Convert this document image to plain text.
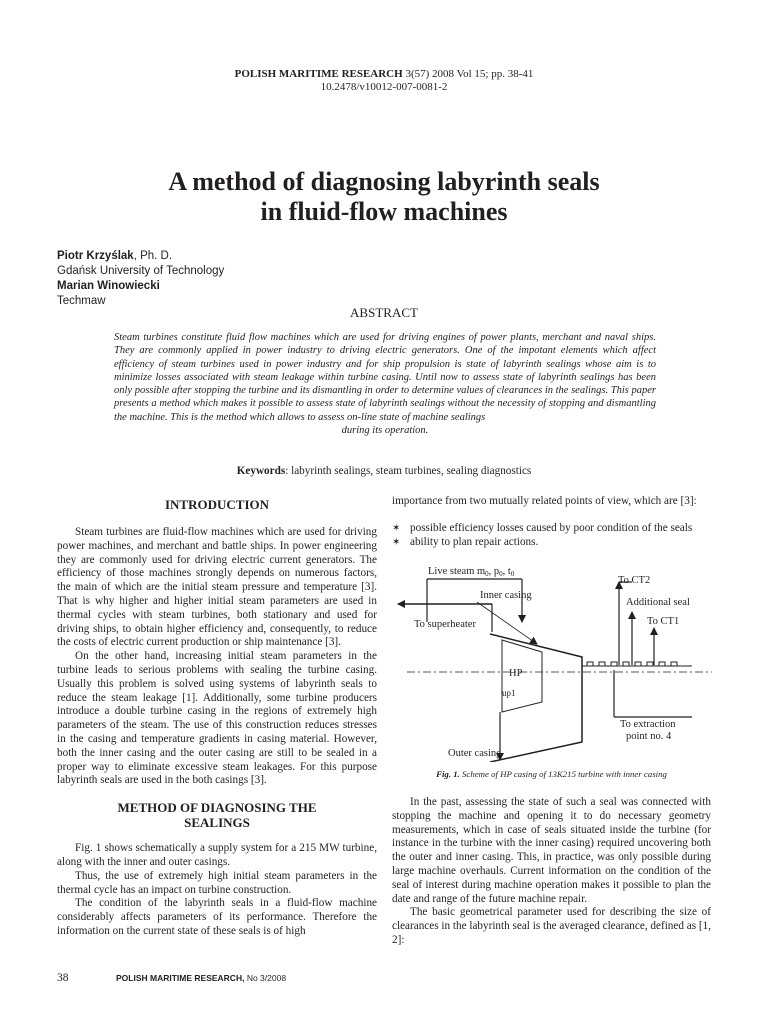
POLISH MARITIME RESEARCH 3(57) 2008 Vol 15; pp. 38-41
10.2478/v10012-007-0081-2
A method of diagnosing labyrinth seals
in fluid-flow machines
Piotr Krzyślak, Ph. D.
Gdańsk University of Technology
Marian Winowiecki
Techmaw
ABSTRACT
Steam turbines constitute fluid flow machines which are used for driving engines of power plants, merchant and naval ships. They are commonly applied in power industry to driving electric generators. One of the impotant elements which affect efficiency of steam turbines used in power industry and for ship propulsion is state of labyrinth sealings whose aim is to minimize losses associated with steam leakage within turbine casing. Until now to assess state of labyrinth sealings has been only possible after stopping the turbine and its dismantling in order to determine values of clearances in the sealings. This paper presents a method which makes it possible to assess state of labyrinth sealings without the necessity of stopping and dismantling the machine. This is the method which allows to assess on-line state of machine sealings
during its operation.
Keywords: labyrinth sealings, steam turbines, sealing diagnostics
INTRODUCTION

Steam turbines are fluid-flow machines which are used for driving power machines, and merchant and battle ships. In power engineering they are commonly used for driving electric current generators. The efficiency of those machines strongly depends on numerous factors, the main of which are the initial steam pressure and temperature [3]. That is why higher and higher initial steam parameters are used in thermal cycles with steam turbines, both stationary and used for driving ships, to obtain higher efficiency and, consequently, to reduce the costs of electric current production or ship maintenance [3].

On the other hand, increasing initial steam parameters in the turbine leads to serious problems with sealing the turbine casing. Usually this problem is solved using systems of labyrinth seals to reduce the steam leakage [1]. Additionally, some turbine producers introduce a double turbine casing in the regions of extremely high parameters of the steam. The use of this construction reduces stresses in the casing and temperature gradients in casing material. However, both the inner casing and the outer casing are still to be sealed in a proper way to eliminate excessive steam leakages. For this purpose labyrinth seals are used in the both casings [3].

METHOD OF DIAGNOSING THE
SEALINGS

Fig. 1 shows schematically a supply system for a 215 MW turbine, along with the inner and outer casings.

Thus, the use of extremely high initial steam parameters in the thermal cycle has an impact on turbine construction.

The condition of the labyrinth seals in a fluid-flow machine considerably affects parameters of its performance. Therefore the information on the current state of these seals is of high

importance from two mutually related points of view, which are [3]:

✶ possible efficiency losses caused by poor condition of the seals
✶ ability to plan repair actions.
Live steam m0, p0, t0
To CT2
Inner casing
Additional seal
To superheater	To CT1
HP
up1
To extraction
point no. 4
Outer casing
Fig. 1. Scheme of HP casing of 13K215 turbine with inner casing

In the past, assessing the state of such a seal was connected with stopping the machine and opening it to do necessary geometry measurements, which in case of seals situated inside the turbine (for instance in the turbine with the inner casing) required uncovering both the outer and inner casing. This, in practice, was only possible during large machine overhauls. Current information on the condition of the seal of interest during machine operation makes it possible to plan the date and range of the future machine repair.

The basic geometrical parameter used for describing the size of clearances in the labyrinth seal is the averaged clearance, defined as [1, 2]:

38	POLISH MARITIME RESEARCH, No 3/2008
